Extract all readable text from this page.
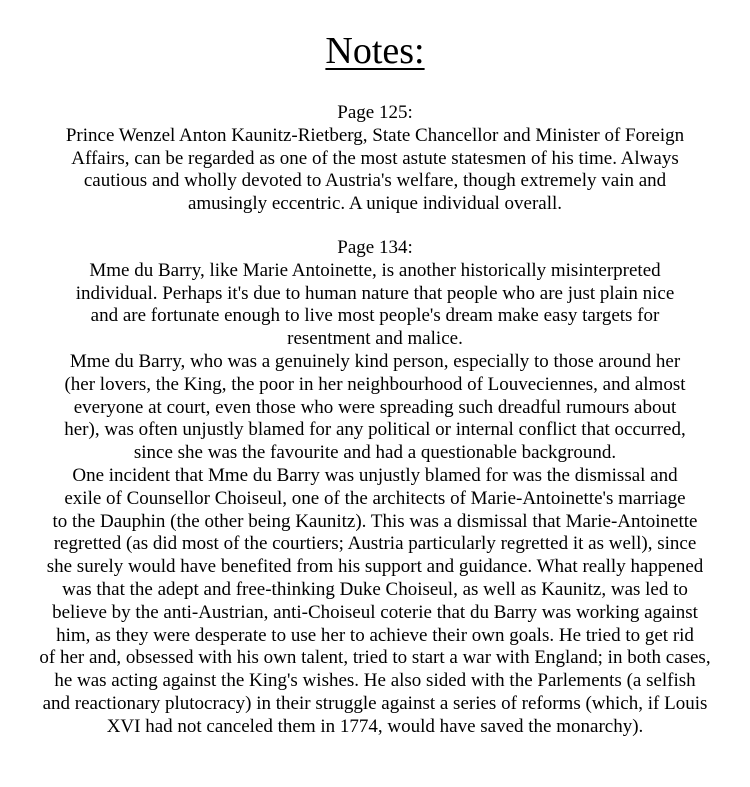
Notes:
Page 125:
Prince Wenzel Anton Kaunitz-Rietberg, State Chancellor and Minister of Foreign
Affairs, can be regarded as one of the most astute statesmen of his time. Always
cautious and wholly devoted to Austria's welfare, though extremely vain and
amusingly eccentric. A unique individual overall.
Page 134:
Mme du Barry, like Marie Antoinette, is another historically misinterpreted
individual. Perhaps it's due to human nature that people who are just plain nice
and are fortunate enough to live most people's dream make easy targets for
resentment and malice.
Mme du Barry, who was a genuinely kind person, especially to those around her
(her lovers, the King, the poor in her neighbourhood of Louveciennes, and almost
everyone at court, even those who were spreading such dreadful rumours about
her), was often unjustly blamed for any political or internal conflict that occurred,
since she was the favourite and had a questionable background.
One incident that Mme du Barry was unjustly blamed for was the dismissal and
exile of Counsellor Choiseul, one of the architects of Marie-Antoinette's marriage
to the Dauphin (the other being Kaunitz). This was a dismissal that Marie-Antoinette
regretted (as did most of the courtiers; Austria particularly regretted it as well), since
she surely would have benefited from his support and guidance. What really happened
was that the adept and free-thinking Duke Choiseul, as well as Kaunitz, was led to
believe by the anti-Austrian, anti-Choiseul coterie that du Barry was working against
him, as they were desperate to use her to achieve their own goals. He tried to get rid
of her and, obsessed with his own talent, tried to start a war with England; in both cases,
he was acting against the King's wishes. He also sided with the Parlements (a selfish
and reactionary plutocracy) in their struggle against a series of reforms (which, if Louis
XVI had not canceled them in 1774, would have saved the monarchy).
